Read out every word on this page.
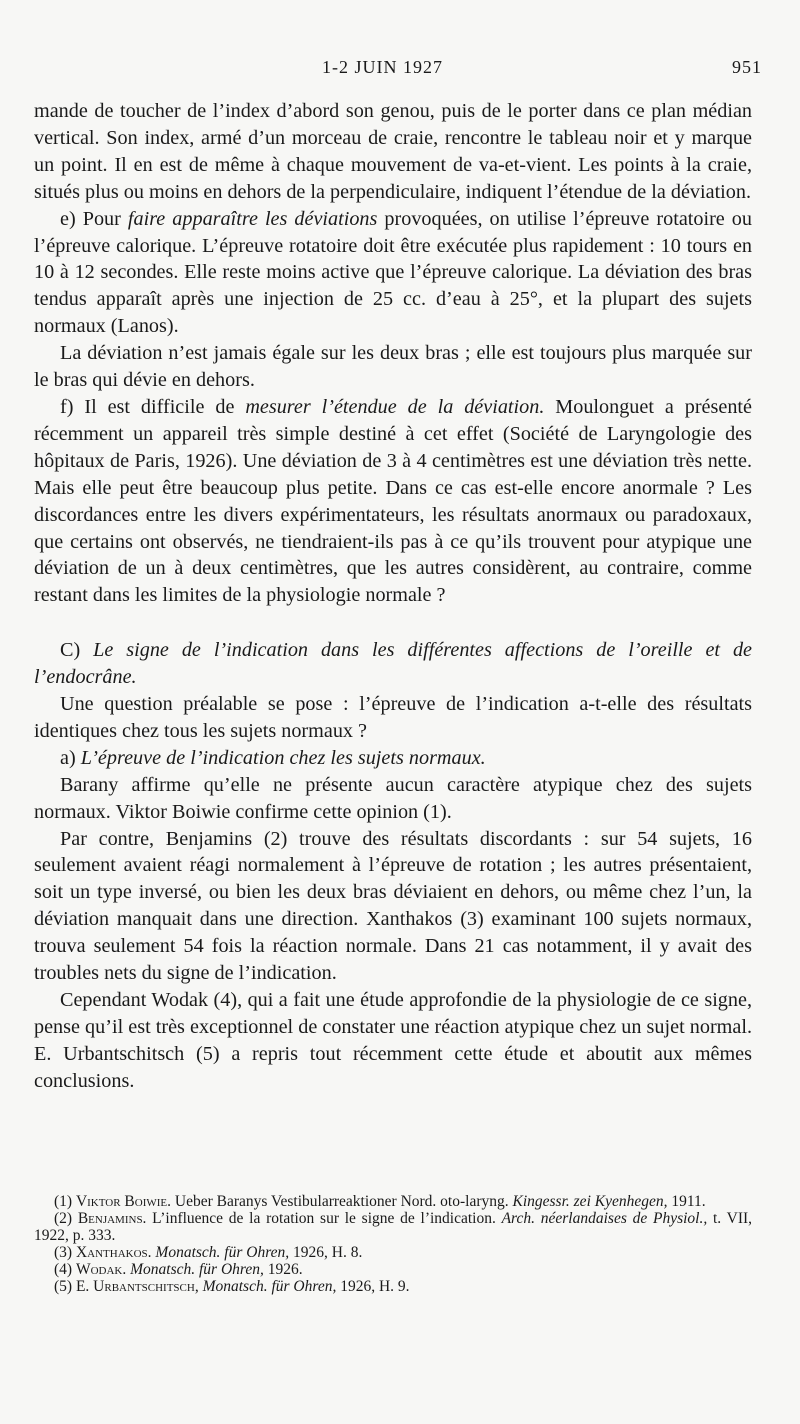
1-2 JUIN 1927	951

mande de toucher de l’index d’abord son genou, puis de le porter dans ce plan médian vertical. Son index, armé d’un morceau de craie, rencontre le tableau noir et y marque un point. Il en est de même à chaque mouvement de va-et-vient. Les points à la craie, situés plus ou moins en dehors de la perpendiculaire, indiquent l’étendue de la déviation.

e) Pour faire apparaître les déviations provoquées, on utilise l’épreuve rotatoire ou l’épreuve calorique. L’épreuve rotatoire doit être exécutée plus rapidement : 10 tours en 10 à 12 secondes. Elle reste moins active que l’épreuve calorique. La déviation des bras tendus apparaît après une injection de 25 cc. d’eau à 25°, et la plupart des sujets normaux (Lanos).

La déviation n’est jamais égale sur les deux bras ; elle est toujours plus marquée sur le bras qui dévie en dehors.

f) Il est difficile de mesurer l’étendue de la déviation. Moulonguet a présenté récemment un appareil très simple destiné à cet effet (Société de Laryngologie des hôpitaux de Paris, 1926). Une déviation de 3 à 4 centimètres est une déviation très nette. Mais elle peut être beaucoup plus petite. Dans ce cas est-elle encore anormale ? Les discordances entre les divers expérimentateurs, les résultats anormaux ou paradoxaux, que certains ont observés, ne tiendraient-ils pas à ce qu’ils trouvent pour atypique une déviation de un à deux centimètres, que les autres considèrent, au contraire, comme restant dans les limites de la physiologie normale ?

C) Le signe de l’indication dans les différentes affections de l’oreille et de l’endocrâne.

Une question préalable se pose : l’épreuve de l’indication a-t-elle des résultats identiques chez tous les sujets normaux ?

a) L’épreuve de l’indication chez les sujets normaux.

Barany affirme qu’elle ne présente aucun caractère atypique chez des sujets normaux. Viktor Boiwie confirme cette opinion (1).

Par contre, Benjamins (2) trouve des résultats discordants : sur 54 sujets, 16 seulement avaient réagi normalement à l’épreuve de rotation ; les autres présentaient, soit un type inversé, ou bien les deux bras déviaient en dehors, ou même chez l’un, la déviation manquait dans une direction. Xanthakos (3) examinant 100 sujets normaux, trouva seulement 54 fois la réaction normale. Dans 21 cas notamment, il y avait des troubles nets du signe de l’indication.

Cependant Wodak (4), qui a fait une étude approfondie de la physiologie de ce signe, pense qu’il est très exceptionnel de constater une réaction atypique chez un sujet normal. E. Urbantschitsch (5) a repris tout récemment cette étude et aboutit aux mêmes conclusions.

(1) Viktor Boiwie. Ueber Baranys Vestibularreaktioner Nord. oto-laryng. Kingessr. zei Kyenhegen, 1911.

(2) Benjamins. L’influence de la rotation sur le signe de l’indication. Arch. néerlandaises de Physiol., t. VII, 1922, p. 333.

(3) Xanthakos. Monatsch. für Ohren, 1926, H. 8.

(4) Wodak. Monatsch. für Ohren, 1926.

(5) E. Urbantschitsch, Monatsch. für Ohren, 1926, H. 9.
